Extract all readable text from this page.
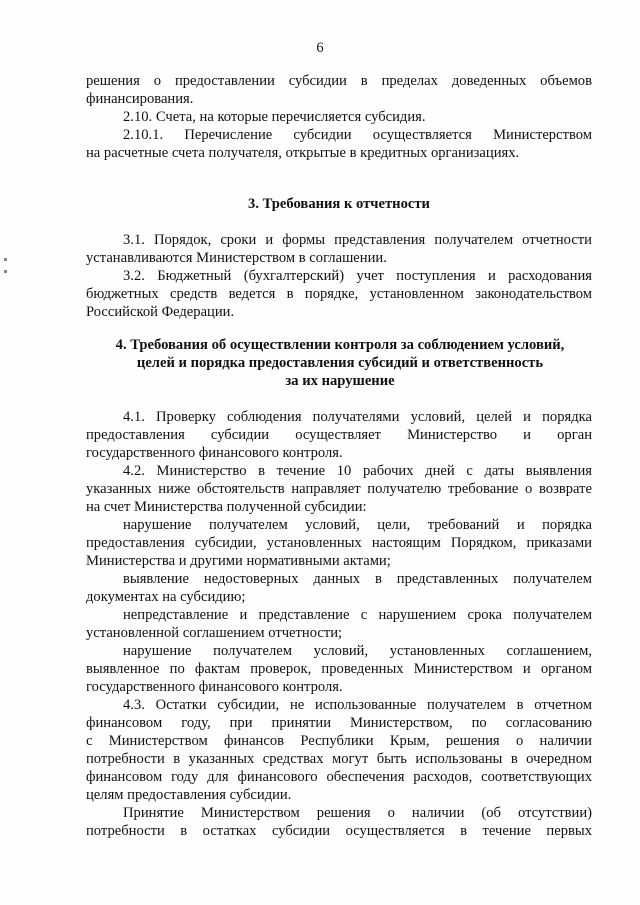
6
решения о предоставлении субсидии в пределах доведенных объемов
финансирования.
2.10. Счета, на которые перечисляется субсидия.
2.10.1. Перечисление субсидии осуществляется Министерством
на расчетные счета получателя, открытые в кредитных организациях.
3. Требования к отчетности
3.1. Порядок, сроки и формы представления получателем отчетности
устанавливаются Министерством в соглашении.
3.2. Бюджетный (бухгалтерский) учет поступления и расходования
бюджетных средств ведется в порядке, установленном законодательством
Российской Федерации.
4. Требования об осуществлении контроля за соблюдением условий,
целей и порядка предоставления субсидий и ответственность
за их нарушение
4.1. Проверку соблюдения получателями условий, целей и порядка
предоставления субсидии осуществляет Министерство и орган
государственного финансового контроля.
4.2. Министерство в течение 10 рабочих дней с даты выявления
указанных ниже обстоятельств направляет получателю требование о возврате
на счет Министерства полученной субсидии:
нарушение получателем условий, цели, требований и порядка
предоставления субсидии, установленных настоящим Порядком, приказами
Министерства и другими нормативными актами;
выявление недостоверных данных в представленных получателем
документах на субсидию;
непредставление и представление с нарушением срока получателем
установленной соглашением отчетности;
нарушение получателем условий, установленных соглашением,
выявленное по фактам проверок, проведенных Министерством и органом
государственного финансового контроля.
4.3. Остатки субсидии, не использованные получателем в отчетном
финансовом году, при принятии Министерством, по согласованию
с Министерством финансов Республики Крым, решения о наличии
потребности в указанных средствах могут быть использованы в очередном
финансовом году для финансового обеспечения расходов, соответствующих
целям предоставления субсидии.
Принятие Министерством решения о наличии (об отсутствии)
потребности в остатках субсидии осуществляется в течение первых
